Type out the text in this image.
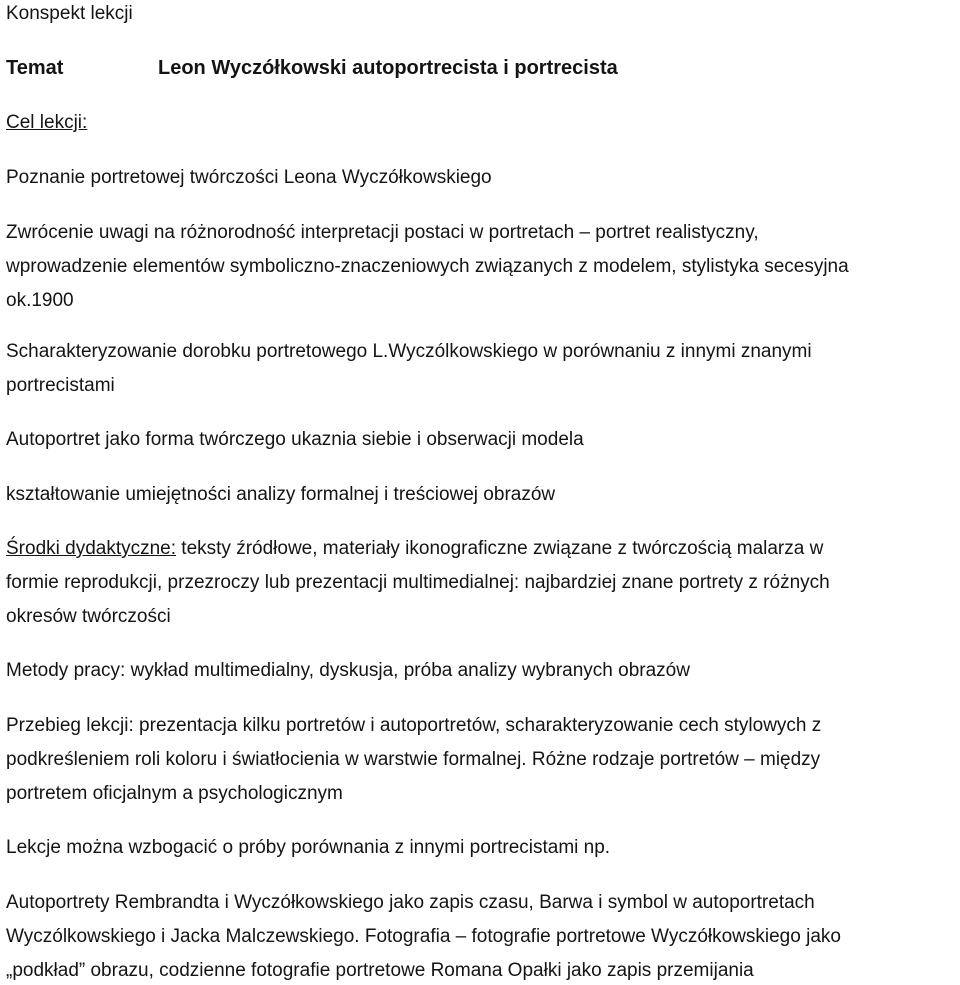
Konspekt lekcji
Temat	Leon Wyczółkowski autoportrecista i portrecista
Cel lekcji:
Poznanie portretowej twórczości Leona Wyczółkowskiego
Zwrócenie uwagi na różnorodność interpretacji postaci w portretach – portret realistyczny,
wprowadzenie elementów symboliczno-znaczeniowych związanych z modelem, stylistyka secesyjna
ok.1900
Scharakteryzowanie dorobku portretowego L.Wyczólkowskiego w porównaniu z innymi znanymi
portrecistami
Autoportret jako forma twórczego ukaznia siebie i obserwacji modela
kształtowanie umiejętności analizy formalnej i treściowej obrazów
Środki dydaktyczne: teksty źródłowe, materiały ikonograficzne związane z twórczością malarza w
formie reprodukcji, przezroczy lub prezentacji multimedialnej: najbardziej znane portrety z różnych
okresów twórczości
Metody pracy: wykład multimedialny, dyskusja, próba analizy wybranych obrazów
Przebieg lekcji: prezentacja kilku portretów i autoportretów, scharakteryzowanie cech stylowych z
podkreśleniem roli koloru i światłocienia w warstwie formalnej. Różne rodzaje portretów – między
portretem oficjalnym a psychologicznym
Lekcje można wzbogacić o próby porównania z innymi portrecistami np.
Autoportrety Rembrandta i Wyczółkowskiego jako zapis czasu, Barwa i symbol w autoportretach
Wyczólkowskiego i Jacka Malczewskiego. Fotografia – fotografie portretowe Wyczółkowskiego jako
„podkład” obrazu, codzienne fotografie portretowe Romana Opałki jako zapis przemijania
